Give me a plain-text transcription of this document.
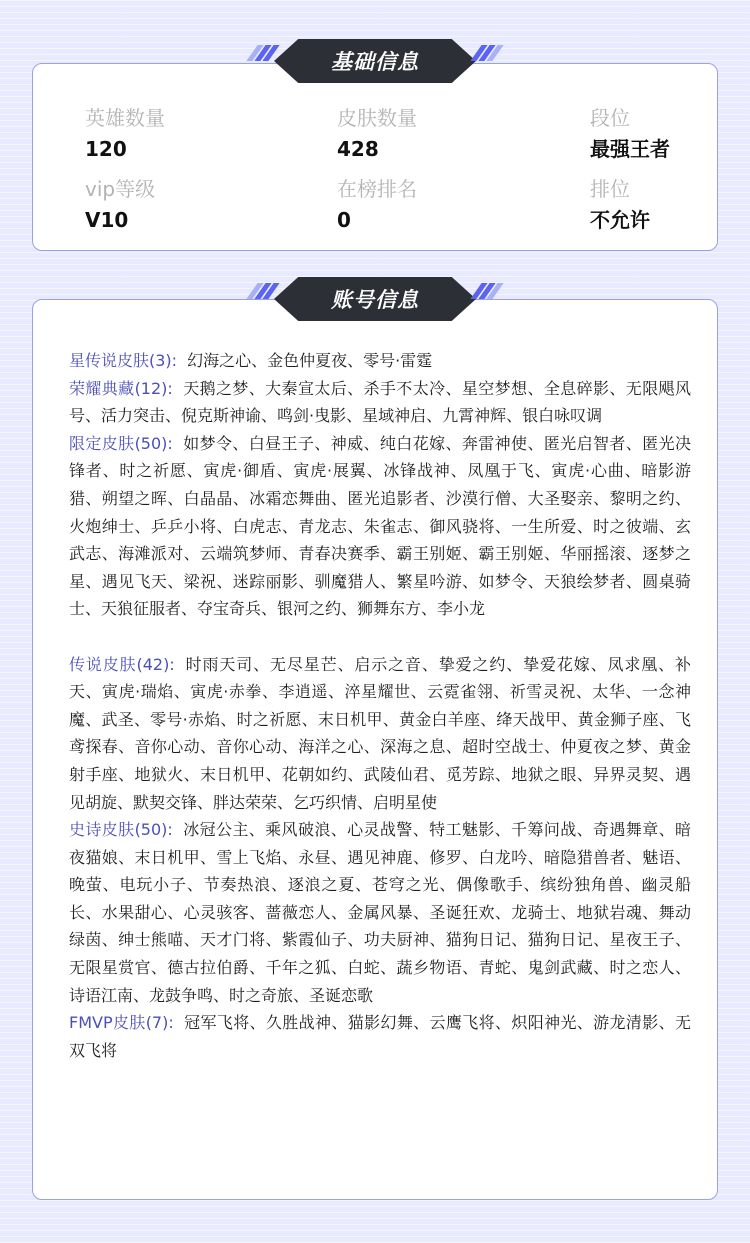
基础信息
英雄数量
120
皮肤数量
428
段位
最强王者
vip等级
V10
在榜排名
0
排位
不允许
账号信息

星传说皮肤(3): 幻海之心、金色仲夏夜、零号·雷霆

荣耀典藏(12): 天鹅之梦、大秦宣太后、杀手不太冷、星空梦想、全息碎影、无限飓风号、活力突击、倪克斯神谕、鸣剑·曳影、星域神启、九霄神辉、银白咏叹调

限定皮肤(50): 如梦令、白昼王子、神威、纯白花嫁、奔雷神使、匿光启智者、匿光决锋者、时之祈愿、寅虎·御盾、寅虎·展翼、冰锋战神、凤凰于飞、寅虎·心曲、暗影游猎、朔望之晖、白晶晶、冰霜恋舞曲、匿光追影者、沙漠行僧、大圣娶亲、黎明之约、火炮绅士、乒乒小将、白虎志、青龙志、朱雀志、御风骁将、一生所爱、时之彼端、玄武志、海滩派对、云端筑梦师、青春决赛季、霸王别姬、霸王别姬、华丽摇滚、逐梦之星、遇见飞天、梁祝、迷踪丽影、驯魔猎人、繁星吟游、如梦令、天狼绘梦者、圆桌骑士、天狼征服者、夺宝奇兵、银河之约、狮舞东方、李小龙

传说皮肤(42): 时雨天司、无尽星芒、启示之音、挚爱之约、挚爱花嫁、凤求凰、补天、寅虎·瑞焰、寅虎·赤拳、李逍遥、淬星耀世、云霓雀翎、祈雪灵祝、太华、一念神魔、武圣、零号·赤焰、时之祈愿、末日机甲、黄金白羊座、绛天战甲、黄金狮子座、飞鸢探春、音你心动、音你心动、海洋之心、深海之息、超时空战士、仲夏夜之梦、黄金射手座、地狱火、末日机甲、花朝如约、武陵仙君、觅芳踪、地狱之眼、异界灵契、遇见胡旋、默契交锋、胖达荣荣、乞巧织情、启明星使

史诗皮肤(50): 冰冠公主、乘风破浪、心灵战警、特工魅影、千筹问战、奇遇舞章、暗夜猫娘、末日机甲、雪上飞焰、永昼、遇见神鹿、修罗、白龙吟、暗隐猎兽者、魅语、晚萤、电玩小子、节奏热浪、逐浪之夏、苍穹之光、偶像歌手、缤纷独角兽、幽灵船长、水果甜心、心灵骇客、蔷薇恋人、金属风暴、圣诞狂欢、龙骑士、地狱岩魂、舞动绿茵、绅士熊喵、天才门将、紫霞仙子、功夫厨神、猫狗日记、猫狗日记、星夜王子、无限星赏官、德古拉伯爵、千年之狐、白蛇、蔬乡物语、青蛇、鬼剑武藏、时之恋人、诗语江南、龙鼓争鸣、时之奇旅、圣诞恋歌

FMVP皮肤(7): 冠军飞将、久胜战神、猫影幻舞、云鹰飞将、炽阳神光、游龙清影、无双飞将
